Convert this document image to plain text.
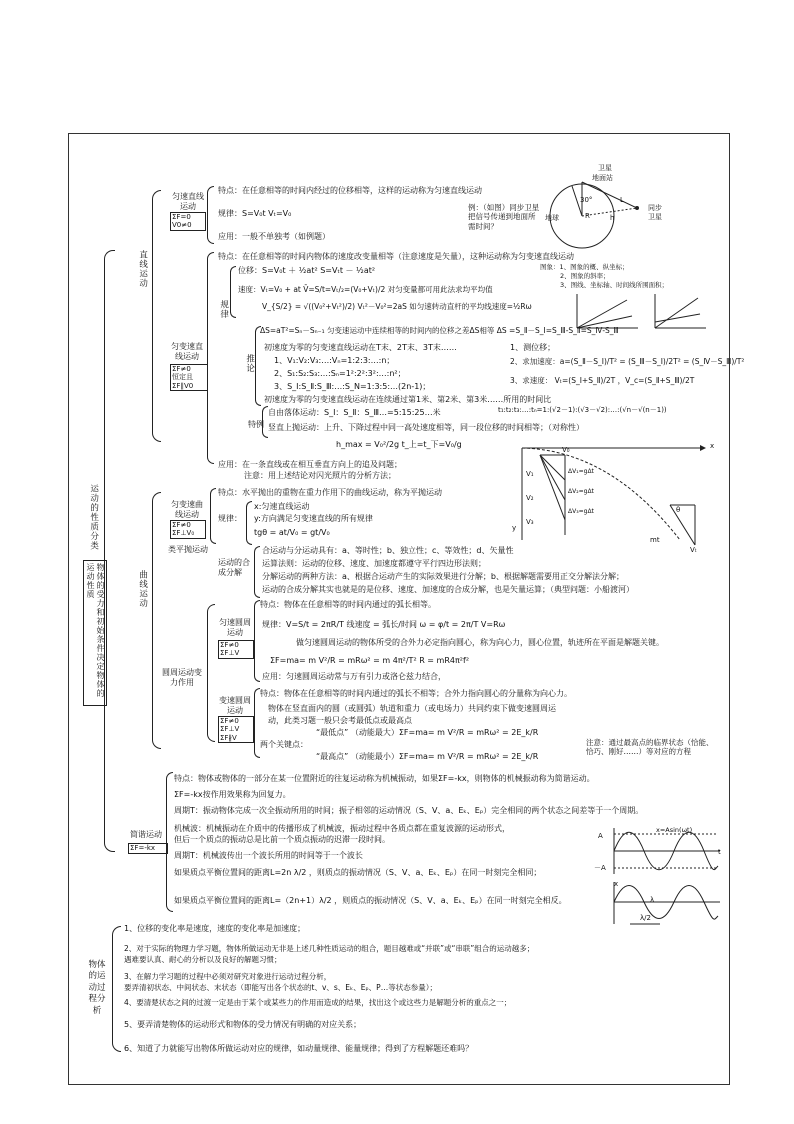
运动的性质分类
物体的受力和初始条件决定物体的运动性质
直线运动
匀速直线运动
ΣF=0
V0≠0
特点：在任意相等的时间内经过的位移相等，这样的运动称为匀速直线运动
规律：S=V₀t Vₜ=V₀
应用：一般不单独考（如例题）
例：（如图）同步卫星把信号传递到地面所需时间？
卫星
地面站
同步卫星
地球
L
h
R
30°
匀变速直线运动
ΣF≠0
恒定且
ΣF∥V0
特点：在任意相等的时间内物体的速度改变量相等（注意速度是矢量），这种运动称为匀变速直线运动
规律
位移：S=V₀t ＋ ½at² S=Vₜt － ½at²
速度：Vₜ=V₀ + at V̄=S/t=Vₜ/₂=(V₀+Vₜ)/2 对匀变量都可用此法求均平均值
V_{S/2} = √((V₀²+Vₜ²)/2) Vₜ²－V₀²=2aS 如匀速转动直杆的平均线速度=½Rω
图象：1、图象的概、纵坐标；
2、图象的斜率；
3、图线、坐标轴、时间线所围面积；
推论
ΔS=aT²=Sₙ－Sₙ₋₁ 匀变速运动中连续相等的时间内的位移之差ΔS相等 ΔS =S_Ⅱ－S_Ⅰ=S_Ⅲ-S_Ⅱ=S_Ⅳ-S_Ⅲ
初速度为零的匀变速直线运动在T末、2T末、3T末……
1、V₁:V₂:V₃:…:Vₙ=1:2:3:…:n；
2、S₁:S₂:S₃:…:Sₙ=1²:2²:3²:…:n²；
3、S_Ⅰ:S_Ⅱ:S_Ⅲ:…:S_N=1:3:5:…(2n-1)；
初速度为零的匀变速直线运动在连续通过第1米、第2米、第3米……所用的时间比
t₁:t₂:t₃:…:tₙ=1:(√2－1):(√3－√2):…:(√n－√(n－1))
1、测位移；
2、求加速度：a=(S_Ⅱ－S_Ⅰ)/T² = (S_Ⅲ－S_Ⅰ)/2T² = (S_Ⅳ－S_Ⅲ)/T²
3、求速度： Vₜ=(S_Ⅰ+S_Ⅱ)/2T ，V_c=(S_Ⅱ+S_Ⅲ)/2T
特例
自由落体运动：S_Ⅰ：S_Ⅱ：S_Ⅲ…=5:15:25…米
竖直上抛运动：上升、下降过程中同一高处速度相等，同一段位移的时间相等；（对称性）
h_max = V₀²/2g t_上=t_下=V₀/g
应用：在一条直线或在相互垂直方向上的追及问题；
注意：用上述结论对闪光照片的分析方法；
曲线运动
匀变速曲线运动
ΣF≠0
ΣF⊥V₀
类平抛运动
特点：水平抛出的重物在重力作用下的曲线运动，称为平抛运动
规律：
x:匀速直线运动
y:方向满足匀变速直线的所有规律
tgθ = at/V₀ = gt/V₀
运动的合成分解
合运动与分运动具有：a、等时性；b、独立性；c、等效性；d、矢量性
运算法则：运动的位移、速度、加速度都遵守平行四边形法则；
分解运动的两种方法：a、根据合运动产生的实际效果进行分解；b、根据解题需要用正交分解法分解；
运动的合成分解其实也就是的是位移、速度、加速度的合成分解，也是矢量运算；（典型问题：小船渡河）
x
y
V₀
ΔV₁=gΔt
ΔV₂=gΔt
ΔV₃=gΔt
V₁
V₂
V₃
Vₜ
θ
mt
圆周运动变力作用
匀速圆周运动
ΣF≠0
ΣF⊥V
特点：物体在任意相等的时间内通过的弧长相等。
规律：V=S/t = 2πR/T 线速度 = 弧长/时间 ω = φ/t = 2π/T V=Rω
做匀速圆周运动的物体所受的合外力必定指向圆心，称为向心力，圆心位置，轨迹所在平面是解题关键。
ΣF=ma= m V²/R = mRω² = m 4π²/T² R = mR4π²f²
应用：匀速圆周运动常与万有引力或洛仑兹力结合，
变速圆周运动
ΣF≠0
ΣF⊥V
ΣF∦V
特点：物体在任意相等的时间内通过的弧长不相等；合外力指向圆心的分量称为向心力。
物体在竖直面内的圆（或圆弧）轨道和重力（或电场力）共同约束下做变速圆周运
动，此类习题一般只会考最低点或最高点
两个关键点：
“最低点” （动能最大）ΣF=ma= m V²/R = mRω² = 2E_k/R
“最高点” （动能最小）ΣF=ma= m V²/R = mRω² = 2E_k/R
注意：通过最高点的临界状态（恰能、恰巧、刚好……）等对应的方程
简谐运动
ΣF=-kx
特点：物体或物体的一部分在某一位置附近的往复运动称为机械振动，如果ΣF=-kx，则物体的机械振动称为简谐运动。
ΣF=-kx按作用效果称为回复力。
周期T：振动物体完成一次全振动所用的时间；振子相邻的运动情况（S、V、a、Eₖ、Eₚ）完全相同的两个状态之间差等于一个周期。
机械波：机械振动在介质中的传播形成了机械波，振动过程中各质点都在重复波源的运动形式，
但后一个质点的振动总是比前一个质点振动的迟滞一段时间。
周期T：机械波传出一个波长所用的时间等于一个波长
如果质点平衡位置间的距离L=2n λ/2 ，则质点的振动情况（S、V、a、Eₖ、Eₚ）在同一时刻完全相同；
如果质点平衡位置间的距离L=（2n+1）λ/2 ，则质点的振动情况（S、V、a、Eₖ、Eₚ）在同一时刻完全相反。
x=Asin(ωt)
A
－A
t
x
λ
λ/2
物体的运动过程分析
1、位移的变化率是速度，速度的变化率是加速度；
2、对于实际的物理力学习题，物体所做运动无非是上述几种性质运动的组合，题目越难或“并联”或“串联”组合的运动越多；
遇难要认真、耐心的分析以及良好的解题习惯；
3、在解力学习题的过程中必须对研究对象进行运动过程分析，
要弄清初状态、中间状态、末状态（即能写出各个状态的t、v、s、Eₖ、Eₚ、P…等状态参量）；
4、要清楚状态之间的过渡一定是由于某个或某些力的作用而造成的结果，找出这个或这些力是解题分析的重点之一；
5、要弄清楚物体的运动形式和物体的受力情况有明确的对应关系；
6、知道了力就能写出物体所做运动对应的规律，如动量规律、能量规律；得到了方程解题还难吗？
